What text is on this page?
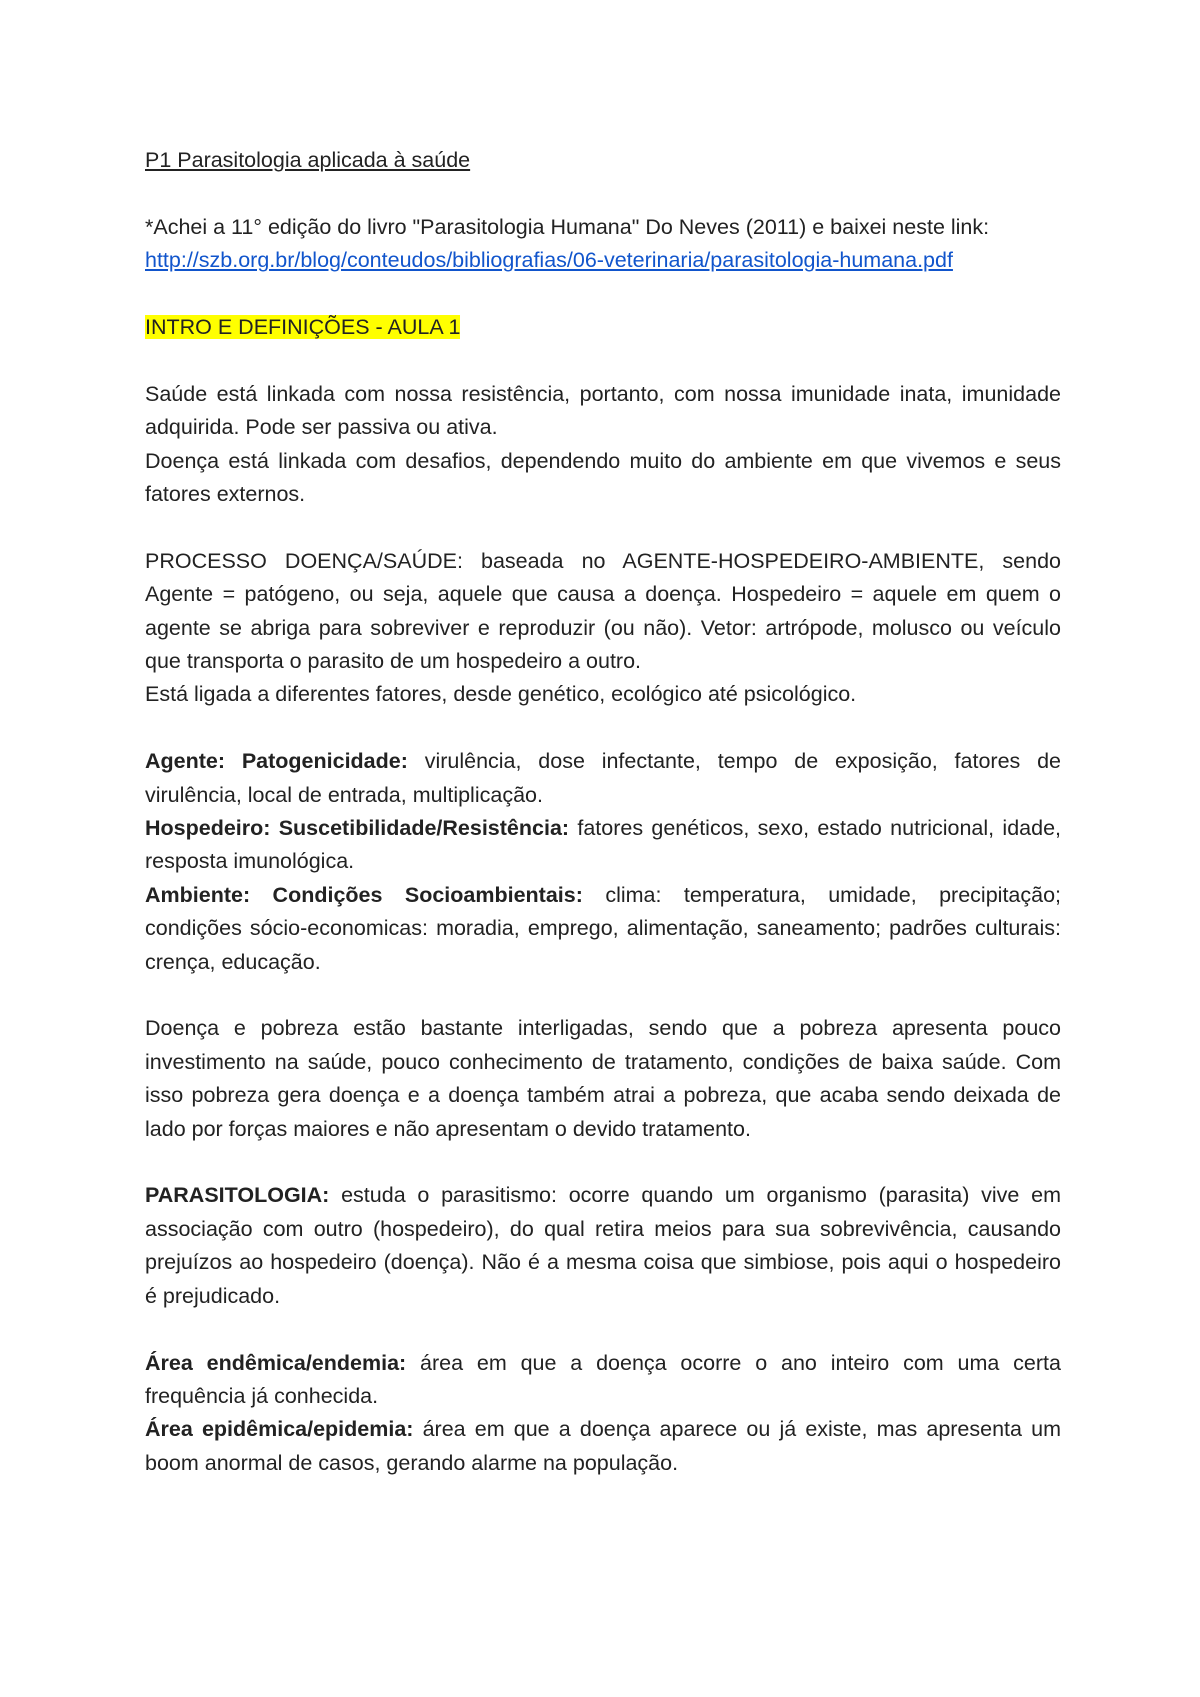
P1 Parasitologia aplicada à saúde

*Achei a 11° edição do livro "Parasitologia Humana" Do Neves (2011) e baixei neste link:

http://szb.org.br/blog/conteudos/bibliografias/06-veterinaria/parasitologia-humana.pdf

INTRO E DEFINIÇÕES - AULA 1

Saúde está linkada com nossa resistência, portanto, com nossa imunidade inata, imunidade adquirida. Pode ser passiva ou ativa.

Doença está linkada com desafios, dependendo muito do ambiente em que vivemos e seus fatores externos.

PROCESSO DOENÇA/SAÚDE: baseada no AGENTE-HOSPEDEIRO-AMBIENTE, sendo Agente = patógeno, ou seja, aquele que causa a doença. Hospedeiro = aquele em quem o agente se abriga para sobreviver e reproduzir (ou não). Vetor: artrópode, molusco ou veículo que transporta o parasito de um hospedeiro a outro.

Está ligada a diferentes fatores, desde genético, ecológico até psicológico.

Agente: Patogenicidade: virulência, dose infectante, tempo de exposição, fatores de virulência, local de entrada, multiplicação.

Hospedeiro: Suscetibilidade/Resistência: fatores genéticos, sexo, estado nutricional, idade, resposta imunológica.

Ambiente: Condições Socioambientais: clima: temperatura, umidade, precipitação; condições sócio-economicas: moradia, emprego, alimentação, saneamento; padrões culturais: crença, educação.

Doença e pobreza estão bastante interligadas, sendo que a pobreza apresenta pouco investimento na saúde, pouco conhecimento de tratamento, condições de baixa saúde. Com isso pobreza gera doença e a doença também atrai a pobreza, que acaba sendo deixada de lado por forças maiores e não apresentam o devido tratamento.

PARASITOLOGIA: estuda o parasitismo: ocorre quando um organismo (parasita) vive em associação com outro (hospedeiro), do qual retira meios para sua sobrevivência, causando prejuízos ao hospedeiro (doença). Não é a mesma coisa que simbiose, pois aqui o hospedeiro é prejudicado.

Área endêmica/endemia: área em que a doença ocorre o ano inteiro com uma certa frequência já conhecida.

Área epidêmica/epidemia: área em que a doença aparece ou já existe, mas apresenta um boom anormal de casos, gerando alarme na população.
